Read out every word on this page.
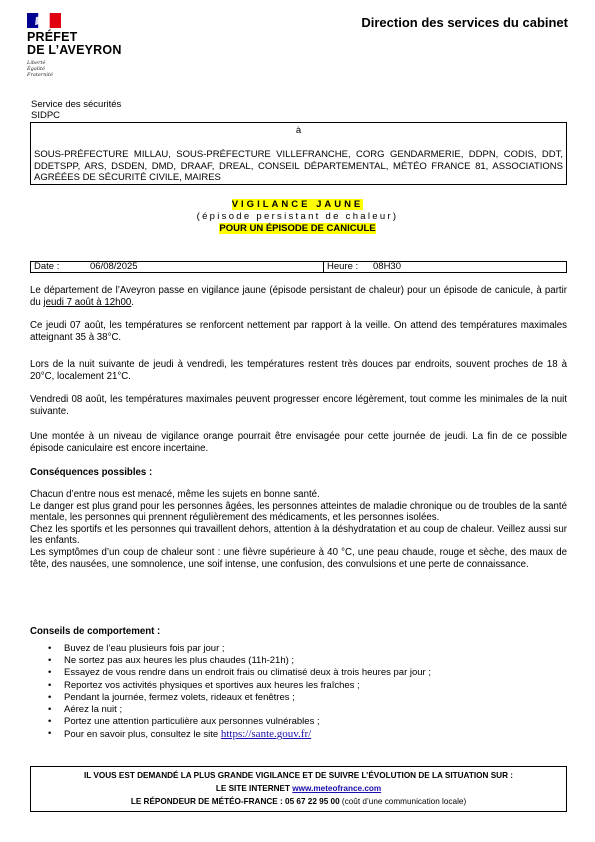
PRÉFET
DE L’AVEYRON
Liberté
Égalité
Fraternité
Direction des services du cabinet
Service des sécurités
SIDPC
à
SOUS-PRÉFECTURE MILLAU, SOUS-PRÉFECTURE VILLEFRANCHE, CORG GENDARMERIE, DDPN, CODIS, DDT, DDETSPP, ARS, DSDEN, DMD, DRAAF, DREAL, CONSEIL DÉPARTEMENTAL, MÉTÉO FRANCE 81, ASSOCIATIONS AGRÉÉES DE SÉCURITÉ CIVILE, MAIRES
VIGILANCE JAUNE
(épisode persistant de chaleur)
POUR UN ÉPISODE DE CANICULE
Date :	06/08/2025	Heure : 08H30
Le département de l’Aveyron passe en vigilance jaune (épisode persistant de chaleur) pour un épisode de canicule, à partir du jeudi 7 août à 12h00.
Ce jeudi 07 août, les températures se renforcent nettement par rapport à la veille. On attend des températures maximales atteignant 35 à 38°C.
Lors de la nuit suivante de jeudi à vendredi, les températures restent très douces par endroits, souvent proches de 18 à 20°C, localement 21°C.
Vendredi 08 août, les températures maximales peuvent progresser encore légèrement, tout comme les minimales de la nuit suivante.
Une montée à un niveau de vigilance orange pourrait être envisagée pour cette journée de jeudi. La fin de ce possible épisode caniculaire est encore incertaine.
Conséquences possibles :
Chacun d’entre nous est menacé, même les sujets en bonne santé.
Le danger est plus grand pour les personnes âgées, les personnes atteintes de maladie chronique ou de troubles de la santé mentale, les personnes qui prennent régulièrement des médicaments, et les personnes isolées.
Chez les sportifs et les personnes qui travaillent dehors, attention à la déshydratation et au coup de chaleur. Veillez aussi sur les enfants.
Les symptômes d’un coup de chaleur sont : une fièvre supérieure à 40 °C, une peau chaude, rouge et sèche, des maux de tête, des nausées, une somnolence, une soif intense, une confusion, des convulsions et une perte de connaissance.
Conseils de comportement :
• Buvez de l’eau plusieurs fois par jour ;
• Ne sortez pas aux heures les plus chaudes (11h-21h) ;
• Essayez de vous rendre dans un endroit frais ou climatisé deux à trois heures par jour ;
• Reportez vos activités physiques et sportives aux heures les fraîches ;
• Pendant la journée, fermez volets, rideaux et fenêtres ;
• Aérez la nuit ;
• Portez une attention particulière aux personnes vulnérables ;
• Pour en savoir plus, consultez le site https://sante.gouv.fr/
IL VOUS EST DEMANDÉ LA PLUS GRANDE VIGILANCE ET DE SUIVRE L’ÉVOLUTION DE LA SITUATION SUR :
LE SITE INTERNET www.meteofrance.com
LE RÉPONDEUR DE MÉTÉO-FRANCE : 05 67 22 95 00 (coût d’une communication locale)
